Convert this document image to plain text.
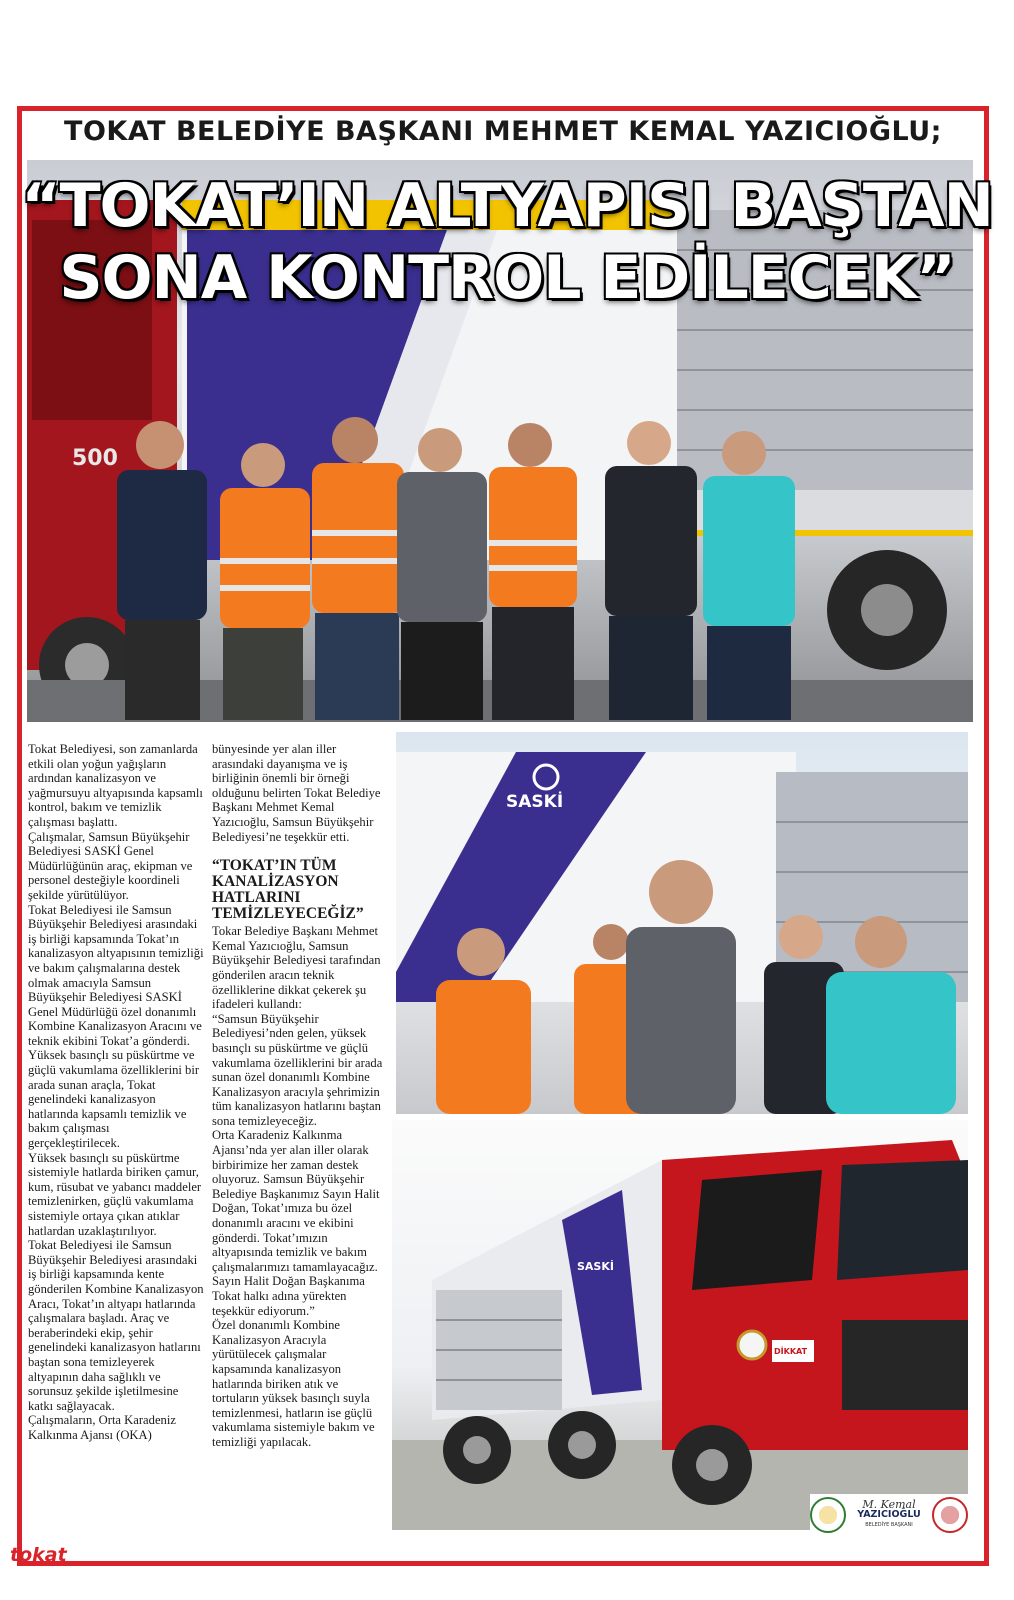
TOKAT BELEDİYE BAŞKANI MEHMET KEMAL YAZICIOĞLU;
500
“TOKAT’IN ALTYAPISI BAŞTAN
SONA KONTROL EDİLECEK”

Tokat Belediyesi, son zamanlarda etkili olan yoğun yağışların ardından kanalizasyon ve yağmursuyu altyapısında kapsamlı kontrol, bakım ve temizlik çalışması başlattı.

Çalışmalar, Samsun Büyükşehir Belediyesi SASKİ Genel Müdürlüğünün araç, ekipman ve personel desteğiyle koordineli şekilde yürütülüyor.

Tokat Belediyesi ile Samsun Büyükşehir Belediyesi arasındaki iş birliği kapsamında Tokat’ın kanalizasyon altyapısının temizliği ve bakım çalışmalarına destek olmak amacıyla Samsun Büyükşehir Belediyesi SASKİ Genel Müdürlüğü özel donanımlı Kombine Kanalizasyon Aracını ve teknik ekibini Tokat’a gönderdi. Yüksek basınçlı su püskürtme ve güçlü vakumlama özelliklerini bir arada sunan araçla, Tokat genelindeki kanalizasyon hatlarında kapsamlı temizlik ve bakım çalışması gerçekleştirilecek.

Yüksek basınçlı su püskürtme sistemiyle hatlarda biriken çamur, kum, rüsubat ve yabancı maddeler temizlenirken, güçlü vakumlama sistemiyle ortaya çıkan atıklar hatlardan uzaklaştırılıyor.

Tokat Belediyesi ile Samsun Büyükşehir Belediyesi arasındaki iş birliği kapsamında kente gönderilen Kombine Kanalizasyon Aracı, Tokat’ın altyapı hatlarında çalışmalara başladı. Araç ve beraberindeki ekip, şehir genelindeki kanalizasyon hatlarını baştan sona temizleyerek altyapının daha sağlıklı ve sorunsuz şekilde işletilmesine katkı sağlayacak.

Çalışmaların, Orta Karadeniz Kalkınma Ajansı (OKA)

bünyesinde yer alan iller arasındaki dayanışma ve iş birliğinin önemli bir örneği olduğunu belirten Tokat Belediye Başkanı Mehmet Kemal Yazıcıoğlu, Samsun Büyükşehir Belediyesi’ne teşekkür etti.

“TOKAT’IN TÜM KANALİZASYON HATLARINI TEMİZLEYECEĞİZ”

Tokar Belediye Başkanı Mehmet Kemal Yazıcıoğlu, Samsun Büyükşehir Belediyesi tarafından gönderilen aracın teknik özelliklerine dikkat çekerek şu ifadeleri kullandı:

“Samsun Büyükşehir Belediyesi’nden gelen, yüksek basınçlı su püskürtme ve güçlü vakumlama özelliklerini bir arada sunan özel donanımlı Kombine Kanalizasyon aracıyla şehrimizin tüm kanalizasyon hatlarını baştan sona temizleyeceğiz.

Orta Karadeniz Kalkınma Ajansı’nda yer alan iller olarak birbirimize her zaman destek oluyoruz. Samsun Büyükşehir Belediye Başkanımız Sayın Halit Doğan, Tokat’ımıza bu özel donanımlı aracını ve ekibini gönderdi. Tokat’ımızın altyapısında temizlik ve bakım çalışmalarımızı tamamlayacağız.

Sayın Halit Doğan Başkanıma Tokat halkı adına yürekten teşekkür ediyorum.”

Özel donanımlı Kombine Kanalizasyon Aracıyla yürütülecek çalışmalar kapsamında kanalizasyon hatlarında biriken atık ve tortuların yüksek basınçlı suyla temizlenmesi, hatların ise güçlü vakumlama sistemiyle bakım ve temizliği yapılacak.

SASKİ
SASKİ
DİKKAT
M. Kemal
YAZICIOĞLU
BELEDİYE BAŞKANI
tokat
